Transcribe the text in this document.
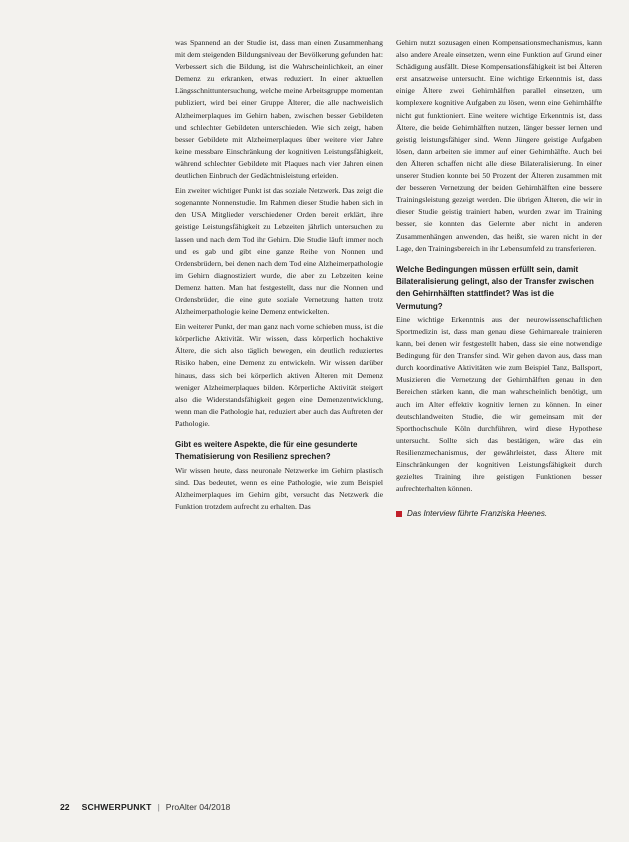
was Spannend an der Studie ist, dass man einen Zusammenhang mit dem steigenden Bildungsniveau der Bevölkerung gefunden hat: Verbessert sich die Bildung, ist die Wahrscheinlichkeit, an einer Demenz zu erkranken, etwas reduziert. In einer aktuellen Längsschnittuntersuchung, welche meine Arbeitsgruppe momentan publiziert, wird bei einer Gruppe Älterer, die alle nachweislich Alzheimerplaques im Gehirn haben, zwischen besser Gebildeten und schlechter Gebildeten unterschieden. Wie sich zeigt, haben besser Gebildete mit Alzheimerplaques über weitere vier Jahre keine messbare Einschränkung der kognitiven Leistungsfähigkeit, während schlechter Gebildete mit Plaques nach vier Jahren einen deutlichen Einbruch der Gedächtnisleistung erleiden.

Ein zweiter wichtiger Punkt ist das soziale Netzwerk. Das zeigt die sogenannte Nonnenstudie. Im Rahmen dieser Studie haben sich in den USA Mitglieder verschiedener Orden bereit erklärt, ihre geistige Leistungsfähigkeit zu Lebzeiten jährlich untersuchen zu lassen und nach dem Tod ihr Gehirn. Die Studie läuft immer noch und es gab und gibt eine ganze Reihe von Nonnen und Ordensbrüdern, bei denen nach dem Tod eine Alzheimerpathologie im Gehirn diagnostiziert wurde, die aber zu Lebzeiten keine Demenz hatten. Man hat festgestellt, dass nur die Nonnen und Ordensbrüder, die eine gute soziale Vernetzung hatten trotz Alzheimerpathologie keine Demenz entwickelten.

Ein weiterer Punkt, der man ganz nach vorne schieben muss, ist die körperliche Aktivität. Wir wissen, dass körperlich hochaktive Ältere, die sich also täglich bewegen, ein deutlich reduziertes Risiko haben, eine Demenz zu entwickeln. Wir wissen darüber hinaus, dass sich bei körperlich aktiven Älteren mit Demenz weniger Alzheimerplaques bilden. Körperliche Aktivität steigert also die Widerstandsfähigkeit gegen eine Demenzentwicklung, wenn man die Pathologie hat, reduziert aber auch das Auftreten der Pathologie.

Gibt es weitere Aspekte, die für eine gesunderte Thematisierung von Resilienz sprechen?

Wir wissen heute, dass neuronale Netzwerke im Gehirn plastisch sind. Das bedeutet, wenn es eine Pathologie, wie zum Beispiel Alzheimerplaques im Gehirn gibt, versucht das Netzwerk die Funktion trotzdem aufrecht zu erhalten. Das

Gehirn nutzt sozusagen einen Kompensationsmechanismus, kann also andere Areale einsetzen, wenn eine Funktion auf Grund einer Schädigung ausfällt. Diese Kompensationsfähigkeit ist bei Älteren erst ansatzweise untersucht. Eine wichtige Erkenntnis ist, dass einige Ältere zwei Gehirnhälften parallel einsetzen, um komplexere kognitive Aufgaben zu lösen, wenn eine Gehirnhälfte nicht gut funktioniert. Eine weitere wichtige Erkenntnis ist, dass Ältere, die beide Gehirnhälften nutzen, länger besser lernen und geistig leistungsfähiger sind. Wenn Jüngere geistige Aufgaben lösen, dann arbeiten sie immer auf einer Gehirnhälfte. Auch bei den Älteren schaffen nicht alle diese Bilateralisierung. In einer unserer Studien konnte bei 50 Prozent der Älteren zusammen mit der besseren Vernetzung der beiden Gehirnhälften eine bessere Trainingsleistung gezeigt werden. Die übrigen Älteren, die wir in dieser Studie geistig trainiert haben, wurden zwar im Training besser, sie konnten das Gelernte aber nicht in anderen Zusammenhängen anwenden, das heißt, sie waren nicht in der Lage, den Trainingsbereich in ihr Lebensumfeld zu transferieren.

Welche Bedingungen müssen erfüllt sein, damit Bilateralisierung gelingt, also der Transfer zwischen den Gehirnhälften stattfindet? Was ist die Vermutung?

Eine wichtige Erkenntnis aus der neurowissenschaftlichen Sportmedizin ist, dass man genau diese Gehirnareale trainieren kann, bei denen wir festgestellt haben, dass sie eine notwendige Bedingung für den Transfer sind. Wir gehen davon aus, dass man durch koordinative Aktivitäten wie zum Beispiel Tanz, Ballsport, Musizieren die Vernetzung der Gehirnhälften genau in den Bereichen stärken kann, die man wahrscheinlich benötigt, um auch im Alter effektiv kognitiv lernen zu können. In einer deutschlandweiten Studie, die wir gemeinsam mit der Sporthochschule Köln durchführen, wird diese Hypothese untersucht. Sollte sich das bestätigen, wäre das ein Resilienzmechanismus, der gewährleistet, dass Ältere mit Einschränkungen der kognitiven Leistungsfähigkeit durch gezieltes Training ihre geistigen Funktionen besser aufrechterhalten können.

Das Interview führte Franziska Heenes.
22 SCHWERPUNKT | ProAlter 04/2018
